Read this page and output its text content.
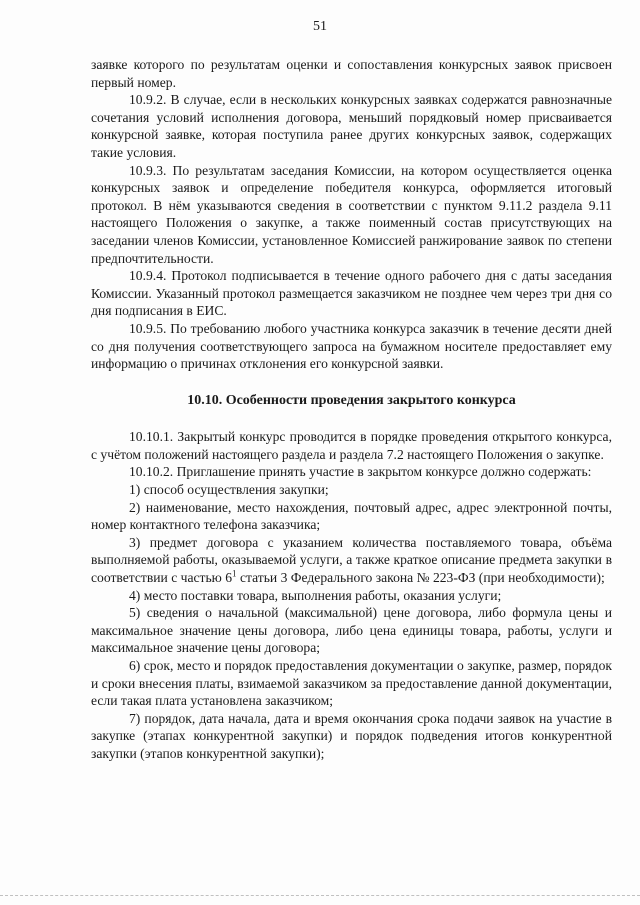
51

заявке которого по результатам оценки и сопоставления конкурсных заявок присвоен первый номер.

10.9.2. В случае, если в нескольких конкурсных заявках содержатся равнозначные сочетания условий исполнения договора, меньший порядковый номер присваивается конкурсной заявке, которая поступила ранее других конкурсных заявок, содержащих такие условия.

10.9.3. По результатам заседания Комиссии, на котором осуществляется оценка конкурсных заявок и определение победителя конкурса, оформляется итоговый протокол. В нём указываются сведения в соответствии с пунктом 9.11.2 раздела 9.11 настоящего Положения о закупке, а также поименный состав присутствующих на заседании членов Комиссии, установленное Комиссией ранжирование заявок по степени предпочтительности.

10.9.4. Протокол подписывается в течение одного рабочего дня с даты заседания Комиссии. Указанный протокол размещается заказчиком не позднее чем через три дня со дня подписания в ЕИС.

10.9.5. По требованию любого участника конкурса заказчик в течение десяти дней со дня получения соответствующего запроса на бумажном носителе предоставляет ему информацию о причинах отклонения его конкурсной заявки.

10.10. Особенности проведения закрытого конкурса

10.10.1. Закрытый конкурс проводится в порядке проведения открытого конкурса, с учётом положений настоящего раздела и раздела 7.2 настоящего Положения о закупке.

10.10.2. Приглашение принять участие в закрытом конкурсе должно содержать:

1) способ осуществления закупки;

2) наименование, место нахождения, почтовый адрес, адрес электронной почты, номер контактного телефона заказчика;

3) предмет договора с указанием количества поставляемого товара, объёма выполняемой работы, оказываемой услуги, а также краткое описание предмета закупки в соответствии с частью $6^1$ статьи 3 Федерального закона № 223-ФЗ (при необходимости);

4) место поставки товара, выполнения работы, оказания услуги;

5) сведения о начальной (максимальной) цене договора, либо формула цены и максимальное значение цены договора, либо цена единицы товара, работы, услуги и максимальное значение цены договора;

6) срок, место и порядок предоставления документации о закупке, размер, порядок и сроки внесения платы, взимаемой заказчиком за предоставление данной документации, если такая плата установлена заказчиком;

7) порядок, дата начала, дата и время окончания срока подачи заявок на участие в закупке (этапах конкурентной закупки) и порядок подведения итогов конкурентной закупки (этапов конкурентной закупки);
